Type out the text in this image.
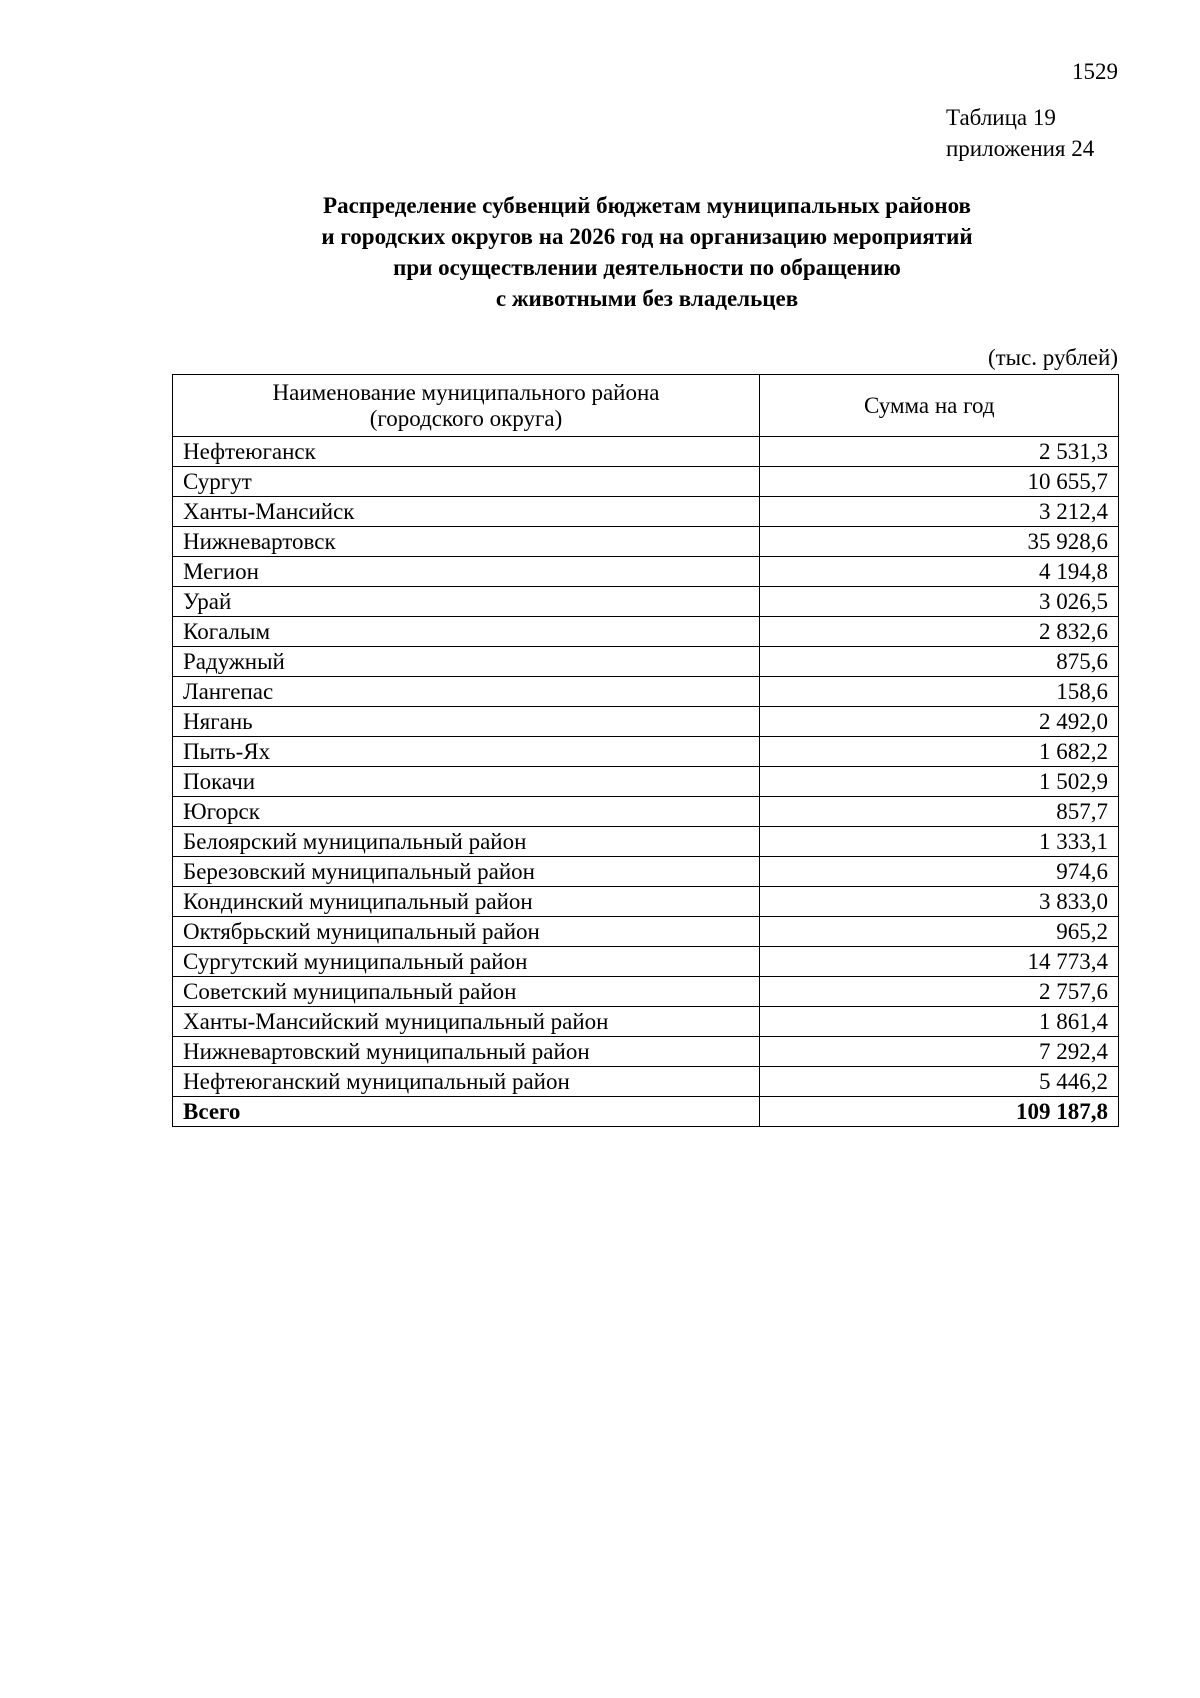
1529
Таблица 19
приложения 24
Распределение субвенций бюджетам муниципальных районов
и городских округов на 2026 год на организацию мероприятий
при осуществлении деятельности по обращению
с животными без владельцев
(тыс. рублей)
Наименование муниципального района
(городского округа)	Сумма на год
Нефтеюганск	2 531,3
Сургут	10 655,7
Ханты-Мансийск	3 212,4
Нижневартовск	35 928,6
Мегион	4 194,8
Урай	3 026,5
Когалым	2 832,6
Радужный	875,6
Лангепас	158,6
Нягань	2 492,0
Пыть-Ях	1 682,2
Покачи	1 502,9
Югорск	857,7
Белоярский муниципальный район	1 333,1
Березовский муниципальный район	974,6
Кондинский муниципальный район	3 833,0
Октябрьский муниципальный район	965,2
Сургутский муниципальный район	14 773,4
Советский муниципальный район	2 757,6
Ханты-Мансийский муниципальный район	1 861,4
Нижневартовский муниципальный район	7 292,4
Нефтеюганский муниципальный район	5 446,2
Всего	109 187,8
